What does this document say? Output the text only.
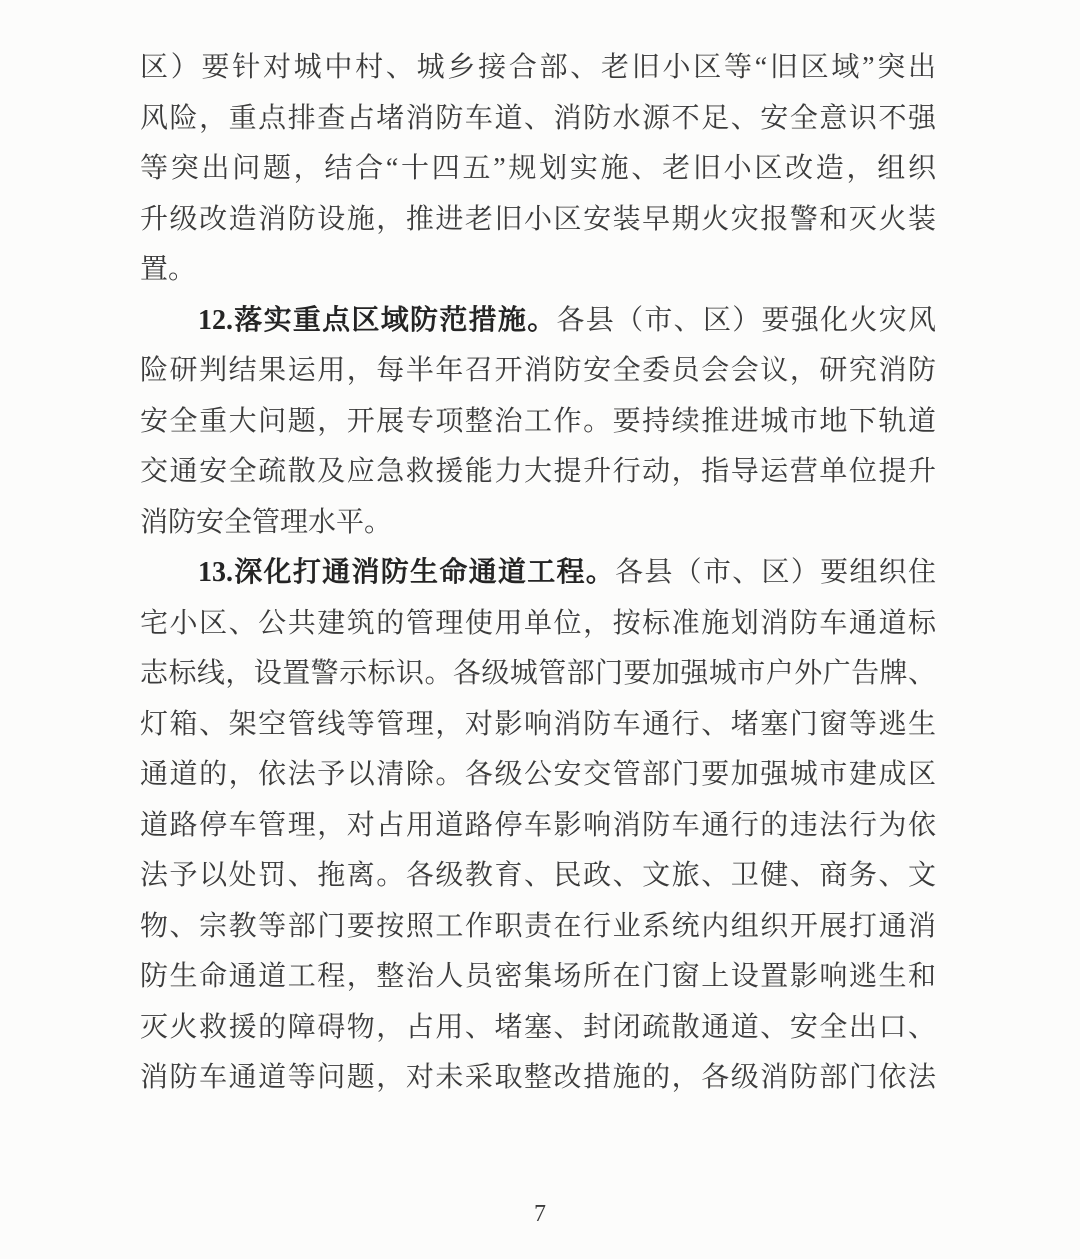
区）要针对城中村、城乡接合部、老旧小区等“旧区域”突出
风险，重点排查占堵消防车道、消防水源不足、安全意识不强
等突出问题，结合“十四五”规划实施、老旧小区改造，组织
升级改造消防设施，推进老旧小区安装早期火灾报警和灭火装
置。
12.落实重点区域防范措施。各县（市、区）要强化火灾风
险研判结果运用，每半年召开消防安全委员会会议，研究消防
安全重大问题，开展专项整治工作。要持续推进城市地下轨道
交通安全疏散及应急救援能力大提升行动，指导运营单位提升
消防安全管理水平。
13.深化打通消防生命通道工程。各县（市、区）要组织住
宅小区、公共建筑的管理使用单位，按标准施划消防车通道标
志标线，设置警示标识。各级城管部门要加强城市户外广告牌、
灯箱、架空管线等管理，对影响消防车通行、堵塞门窗等逃生
通道的，依法予以清除。各级公安交管部门要加强城市建成区
道路停车管理，对占用道路停车影响消防车通行的违法行为依
法予以处罚、拖离。各级教育、民政、文旅、卫健、商务、文
物、宗教等部门要按照工作职责在行业系统内组织开展打通消
防生命通道工程，整治人员密集场所在门窗上设置影响逃生和
灭火救援的障碍物，占用、堵塞、封闭疏散通道、安全出口、
消防车通道等问题，对未采取整改措施的，各级消防部门依法
7
